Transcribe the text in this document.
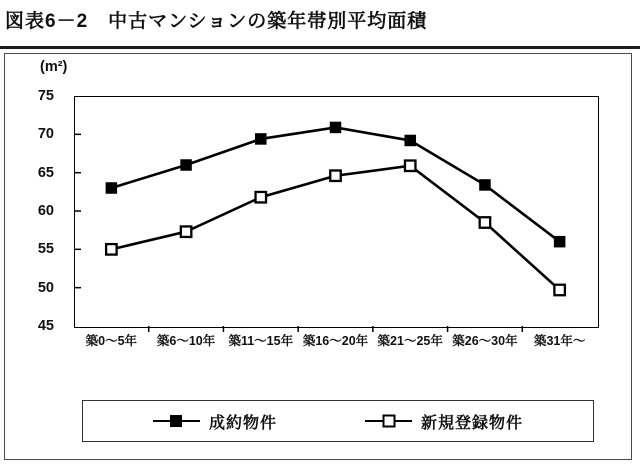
図表6－2　中古マンションの築年帯別平均面積
(m²)
75
70
65
60
55
50
45
築0～5年 築6～10年 築11～15年 築16～20年 築21～25年 築26～30年 築31年～
成約物件	新規登録物件
